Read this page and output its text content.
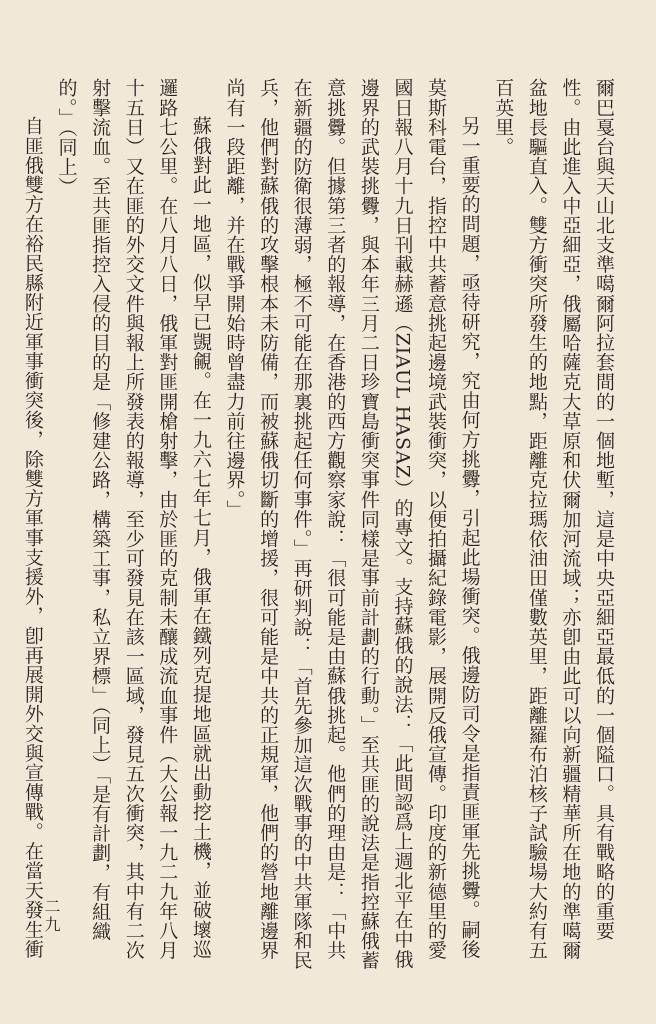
爾巴戛台與天山北支準噶爾阿拉套間的一個地塹，這是中央亞細亞最低的一個隘口。具有戰略的重要性。由此進入中亞細亞，俄屬哈薩克大草原和伏爾加河流域；亦卽由此可以向新疆精華所在地的準噶爾盆地長驅直入。雙方衝突所發生的地點，距離克拉瑪依油田僅數英里，距離羅布泊核子試驗場大約有五百英里。

另一重要的問題，亟待研究，究由何方挑釁，引起此場衝突。俄邊防司令是指責匪軍先挑釁。嗣後莫斯科電台，指控中共蓄意挑起邊境武裝衝突，以便拍攝紀錄電影，展開反俄宣傳。印度的新德里的愛國日報八月十九日刊載赫遜（ZIAUL HASAZ）的專文。支持蘇俄的說法：「此間認爲上週北平在中俄邊界的武裝挑釁，與本年三月二日珍寶島衝突事件同樣是事前計劃的行動。」至共匪的說法是指控蘇俄蓄意挑釁。但據第三者的報導，在香港的西方觀察家說：「很可能是由蘇俄挑起。他們的理由是：「中共在新疆的防衛很薄弱，極不可能在那裏挑起任何事件。」再研判說：「首先參加這次戰事的中共軍隊和民兵，他們對蘇俄的攻擊根本未防備，而被蘇俄切斷的增援，很可能是中共的正規軍，他們的營地離邊界尚有一段距離，并在戰爭開始時曾盡力前往邊界。」

蘇俄對此一地區，似早已覬覦。在一九六七年七月，俄軍在鐵列克提地區就出動挖土機，並破壞巡邏路七公里。在八月八日，俄軍對匪開槍射擊，由於匪的克制未釀成流血事件（大公報一九二九年八月十五日）又在匪的外交文件與報上所發表的報導，至少可發見在該一區域，發見五次衝突，其中有二次射擊流血。至共匪指控入侵的目的是「修建公路，構築工事，私立界標」（同上）「是有計劃，有組織的。」（同上）

自匪俄雙方在裕民縣附近軍事衝突後，除雙方軍事支援外，卽再展開外交與宣傳戰。在當天發生衝

二九
